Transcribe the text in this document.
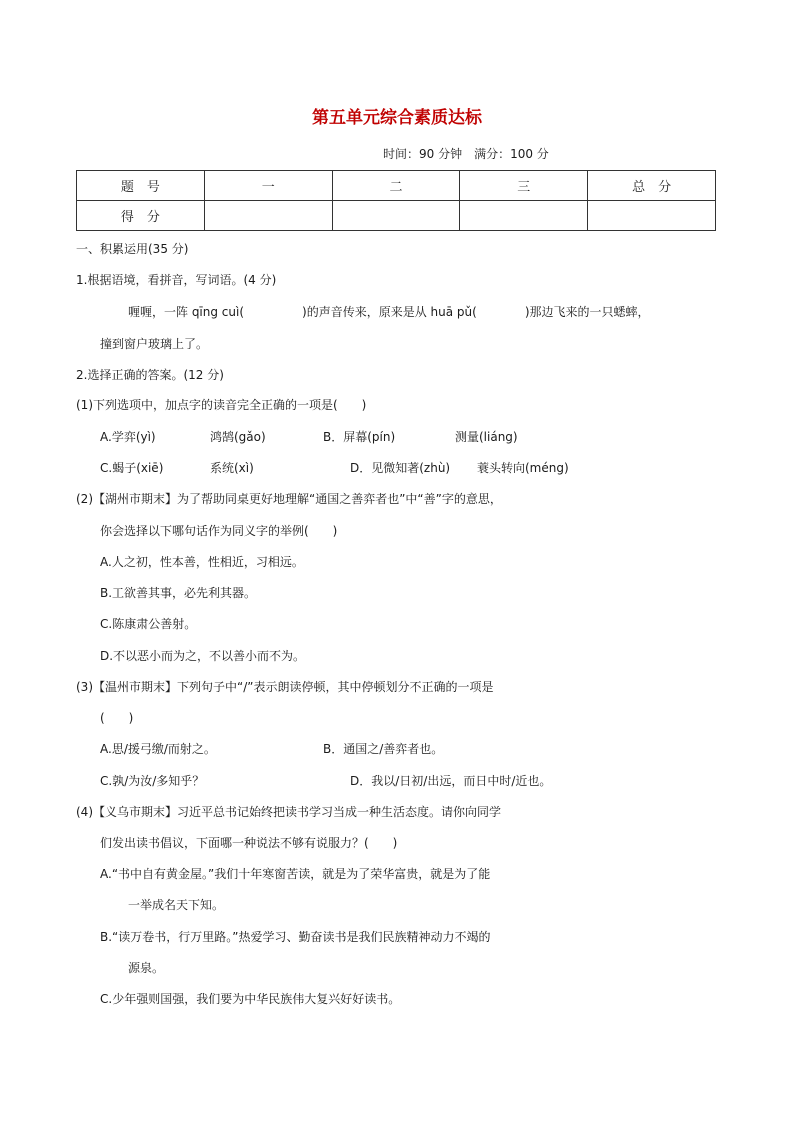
第五单元综合素质达标
时间：90 分钟　满分：100 分
题　号	一	二	三	总　分
得　分				
一、积累运用(35 分)
1.根据语境，看拼音，写词语。(4 分)
喱喱，一阵 qīng cuì(	)的声音传来，原来是从 huā pǔ(	)那边飞来的一只蟋蟀，
撞到窗户玻璃上了。
2.选择正确的答案。(12 分)
(1)下列选项中，加点字的读音完全正确的一项是(　　)
A.学弈(yì)	鸿鹄(gǎo)	B．屏幕(pín)	测量(liáng)
C.蝎子(xiē)	系统(xì)	D．见微知著(zhù) 蓑头转向(méng)
(2)【湖州市期末】为了帮助同桌更好地理解“通国之善弈者也”中“善”字的意思，
你会选择以下哪句话作为同义字的举例(　　)
A.人之初，性本善，性相近，习相远。
B.工欲善其事，必先利其器。
C.陈康肃公善射。
D.不以恶小而为之，不以善小而不为。
(3)【温州市期末】下列句子中“/”表示朗读停顿，其中停顿划分不正确的一项是
(　　)
A.思/援弓缴/而射之。	B．通国之/善弈者也。
C.孰/为汝/多知乎？	D．我以/日初/出远，而日中时/近也。
(4)【义乌市期末】习近平总书记始终把读书学习当成一种生活态度。请你向同学
们发出读书倡议，下面哪一种说法不够有说服力？(　　)
A.“书中自有黄金屋。”我们十年寒窗苦读，就是为了荣华富贵，就是为了能
一举成名天下知。
B.“读万卷书，行万里路。”热爱学习、勤奋读书是我们民族精神动力不竭的
源泉。
C.少年强则国强，我们要为中华民族伟大复兴好好读书。
